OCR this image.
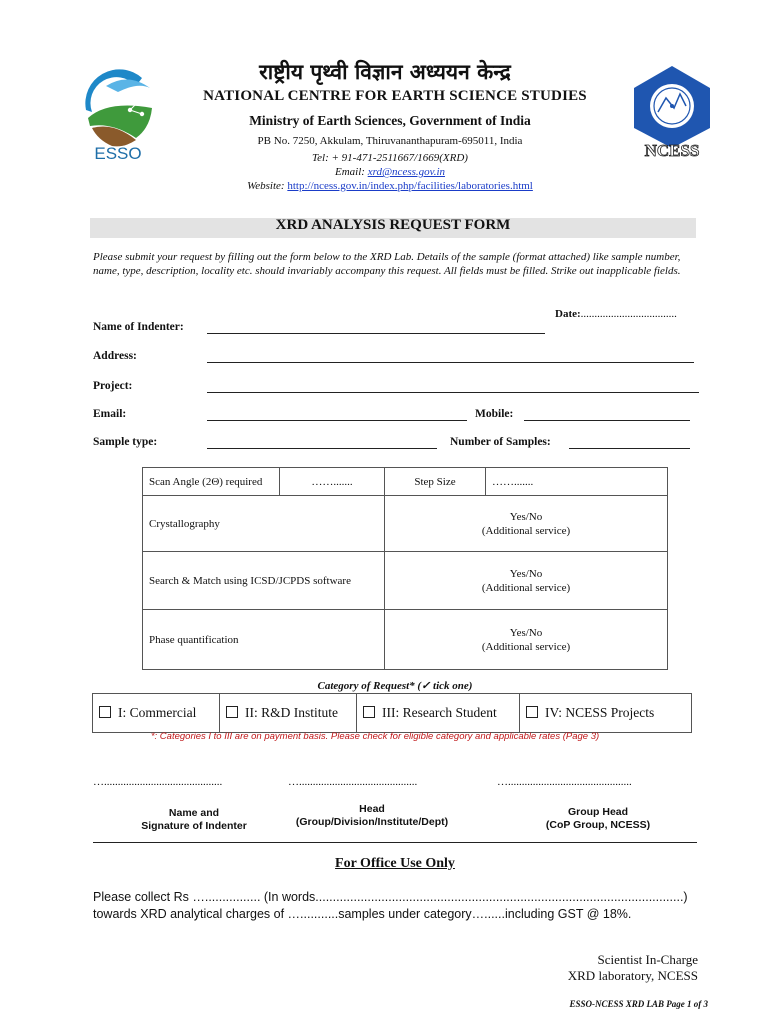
ESSO	NCESS
राष्ट्रीय पृथ्वी विज्ञान अध्ययन केन्द्र
NATIONAL CENTRE FOR EARTH SCIENCE STUDIES
Ministry of Earth Sciences, Government of India
PB No. 7250, Akkulam, Thiruvananthapuram-695011, India
Tel: + 91-471-2511667/1669(XRD)
Email: xrd@ncess.gov.in
Website: http://ncess.gov.in/index.php/facilities/laboratories.html
XRD ANALYSIS REQUEST FORM
Please submit your request by filling out the form below to the XRD Lab. Details of the sample (format attached) like sample number, name, type, description, locality etc. should invariably accompany this request. All fields must be filled. Strike out inapplicable fields.
Date:...................................
Name of Indenter:
Address:
Project:
Email:	Mobile:
Sample type:	Number of Samples:
Scan Angle (2Θ) required	…….......	Step Size	…….......
Crystallography		Yes/No
(Additional service)	

Search & Match using ICSD/JCPDS software		Yes/No
(Additional service)	

Phase quantification		Yes/No
(Additional service)	
Category of Request* (✓ tick one)
I: Commercial	II: R&D Institute	III: Research Student	IV: NCESS Projects
*: Categories I to III are on payment basis. Please check for eligible category and applicable rates (Page 3)
…...........................................	…...........................................	….............................................
Name and
Signature of Indenter
Head
(Group/Division/Institute/Dept)
Group Head
(CoP Group, NCESS)
For Office Use Only
Please collect Rs …................ (In words..........................................................................................................)
towards XRD analytical charges of …...........samples under category…......including GST @ 18%.
Scientist In-Charge
XRD laboratory, NCESS
ESSO-NCESS XRD LAB Page 1 of 3
